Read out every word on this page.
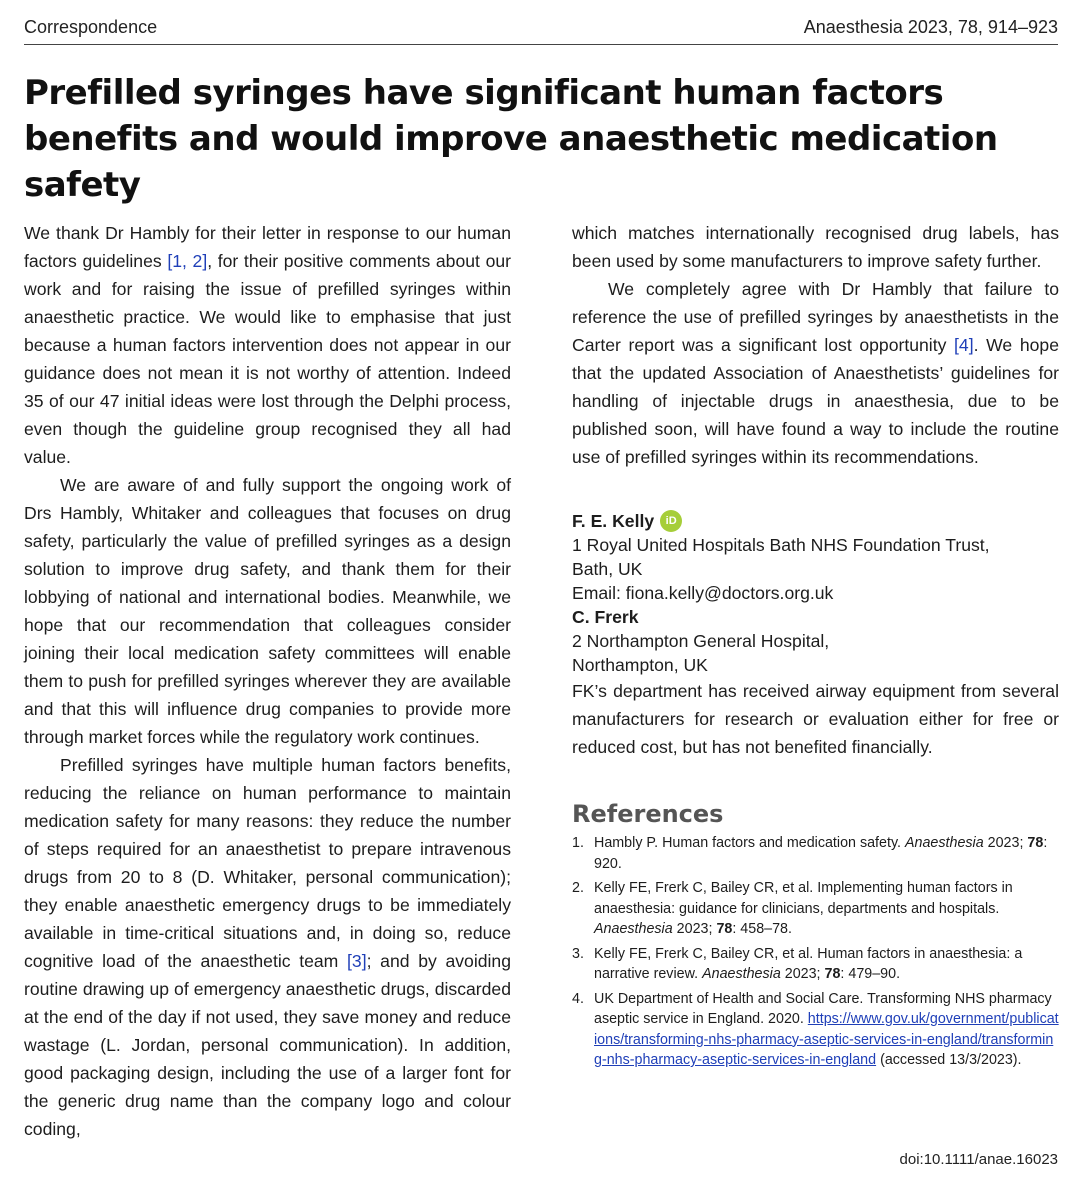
Correspondence	Anaesthesia 2023, 78, 914–923
Prefilled syringes have significant human factors benefits and would improve anaesthetic medication safety

We thank Dr Hambly for their letter in response to our human factors guidelines [1, 2], for their positive comments about our work and for raising the issue of prefilled syringes within anaesthetic practice. We would like to emphasise that just because a human factors intervention does not appear in our guidance does not mean it is not worthy of attention. Indeed 35 of our 47 initial ideas were lost through the Delphi process, even though the guideline group recognised they all had value.

We are aware of and fully support the ongoing work of Drs Hambly, Whitaker and colleagues that focuses on drug safety, particularly the value of prefilled syringes as a design solution to improve drug safety, and thank them for their lobbying of national and international bodies. Meanwhile, we hope that our recommendation that colleagues consider joining their local medication safety committees will enable them to push for prefilled syringes wherever they are available and that this will influence drug companies to provide more through market forces while the regulatory work continues.

Prefilled syringes have multiple human factors benefits, reducing the reliance on human performance to maintain medication safety for many reasons: they reduce the number of steps required for an anaesthetist to prepare intravenous drugs from 20 to 8 (D. Whitaker, personal communication); they enable anaesthetic emergency drugs to be immediately available in time-critical situations and, in doing so, reduce cognitive load of the anaesthetic team [3]; and by avoiding routine drawing up of emergency anaesthetic drugs, discarded at the end of the day if not used, they save money and reduce wastage (L. Jordan, personal communication). In addition, good packaging design, including the use of a larger font for the generic drug name than the company logo and colour coding,

which matches internationally recognised drug labels, has been used by some manufacturers to improve safety further.

We completely agree with Dr Hambly that failure to reference the use of prefilled syringes by anaesthetists in the Carter report was a significant lost opportunity [4]. We hope that the updated Association of Anaesthetists’ guidelines for handling of injectable drugs in anaesthesia, due to be published soon, will have found a way to include the routine use of prefilled syringes within its recommendations.

F. E. Kelly	iD
1 Royal United Hospitals Bath NHS Foundation Trust,
Bath, UK
Email: fiona.kelly@doctors.org.uk
C. Frerk
2 Northampton General Hospital,
Northampton, UK

FK’s department has received airway equipment from several manufacturers for research or evaluation either for free or reduced cost, but has not benefited financially.

References
1. Hambly P. Human factors and medication safety. Anaesthesia 2023; 78: 920.
2. Kelly FE, Frerk C, Bailey CR, et al. Implementing human factors in anaesthesia: guidance for clinicians, departments and hospitals. Anaesthesia 2023; 78: 458–78.
3. Kelly FE, Frerk C, Bailey CR, et al. Human factors in anaesthesia: a narrative review. Anaesthesia 2023; 78: 479–90.
4. UK Department of Health and Social Care. Transforming NHS pharmacy aseptic service in England. 2020. https://www.gov.uk/government/publications/transforming-nhs-pharmacy-aseptic-services-in-england/transforming-nhs-pharmacy-aseptic-services-in-england (accessed 13/3/2023).
doi:10.1111/anae.16023
